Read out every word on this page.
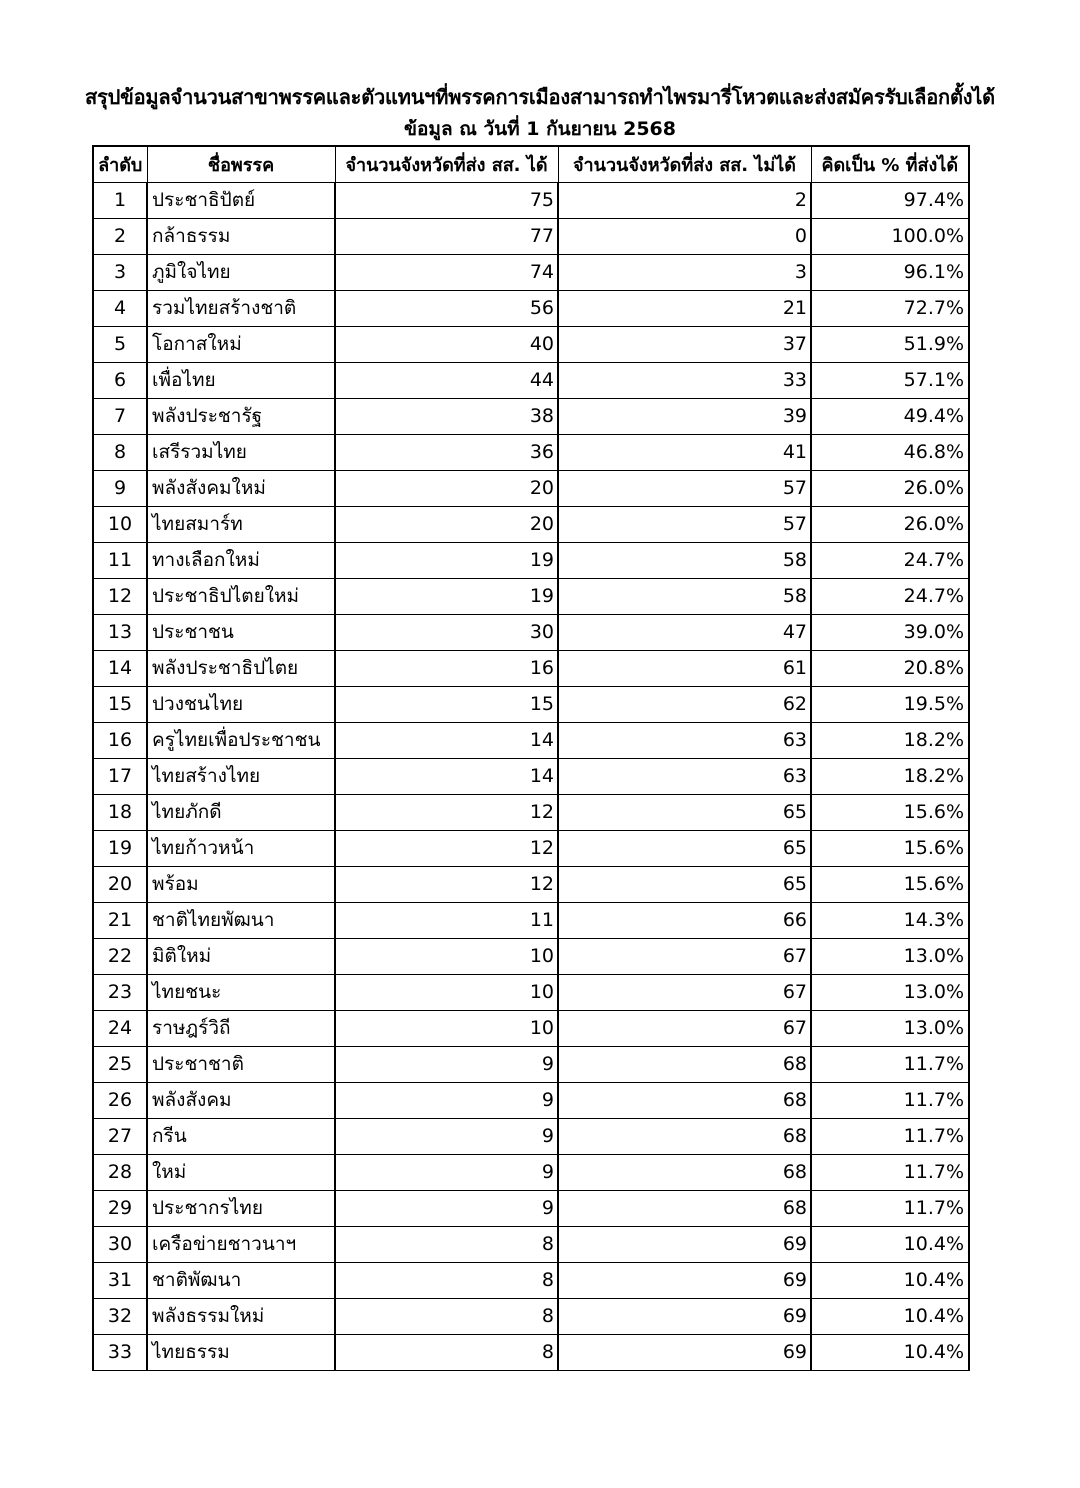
สรุปข้อมูลจำนวนสาขาพรรคและตัวแทนฯที่พรรคการเมืองสามารถทำไพรมารี่โหวตและส่งสมัครรับเลือกตั้งได้
ข้อมูล ณ วันที่ 1 กันยายน 2568
ลำดับ	ชื่อพรรค	จำนวนจังหวัดที่ส่ง สส. ได้	จำนวนจังหวัดที่ส่ง สส. ไม่ได้	คิดเป็น % ที่ส่งได้
1	ประชาธิปัตย์	75	2	97.4%
2	กล้าธรรม	77	0	100.0%
3	ภูมิใจไทย	74	3	96.1%
4	รวมไทยสร้างชาติ	56	21	72.7%
5	โอกาสใหม่	40	37	51.9%
6	เพื่อไทย	44	33	57.1%
7	พลังประชารัฐ	38	39	49.4%
8	เสรีรวมไทย	36	41	46.8%
9	พลังสังคมใหม่	20	57	26.0%
10	ไทยสมาร์ท	20	57	26.0%
11	ทางเลือกใหม่	19	58	24.7%
12	ประชาธิปไตยใหม่	19	58	24.7%
13	ประชาชน	30	47	39.0%
14	พลังประชาธิปไตย	16	61	20.8%
15	ปวงชนไทย	15	62	19.5%
16	ครูไทยเพื่อประชาชน	14	63	18.2%
17	ไทยสร้างไทย	14	63	18.2%
18	ไทยภักดี	12	65	15.6%
19	ไทยก้าวหน้า	12	65	15.6%
20	พร้อม	12	65	15.6%
21	ชาติไทยพัฒนา	11	66	14.3%
22	มิติใหม่	10	67	13.0%
23	ไทยชนะ	10	67	13.0%
24	ราษฎร์วิถี	10	67	13.0%
25	ประชาชาติ	9	68	11.7%
26	พลังสังคม	9	68	11.7%
27	กรีน	9	68	11.7%
28	ใหม่	9	68	11.7%
29	ประชากรไทย	9	68	11.7%
30	เครือข่ายชาวนาฯ	8	69	10.4%
31	ชาติพัฒนา	8	69	10.4%
32	พลังธรรมใหม่	8	69	10.4%
33	ไทยธรรม	8	69	10.4%
